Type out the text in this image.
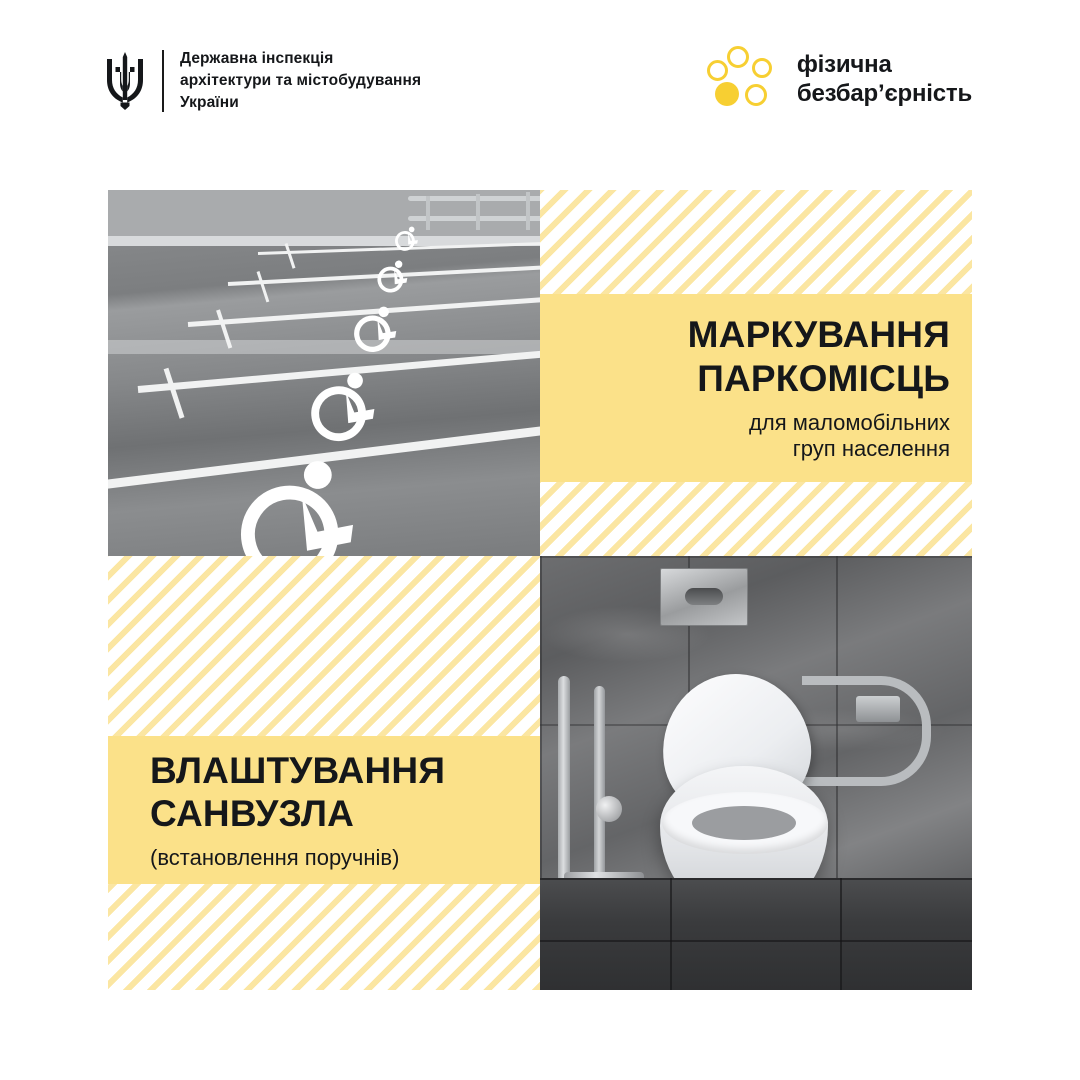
Державна інспекція
архітектури та містобудування
України
фізична
безбар’єрність
МАРКУВАННЯ
ПАРКОМІСЦЬ
для маломобільних
груп населення
ВЛАШТУВАННЯ
САНВУЗЛА
(встановлення поручнів)
